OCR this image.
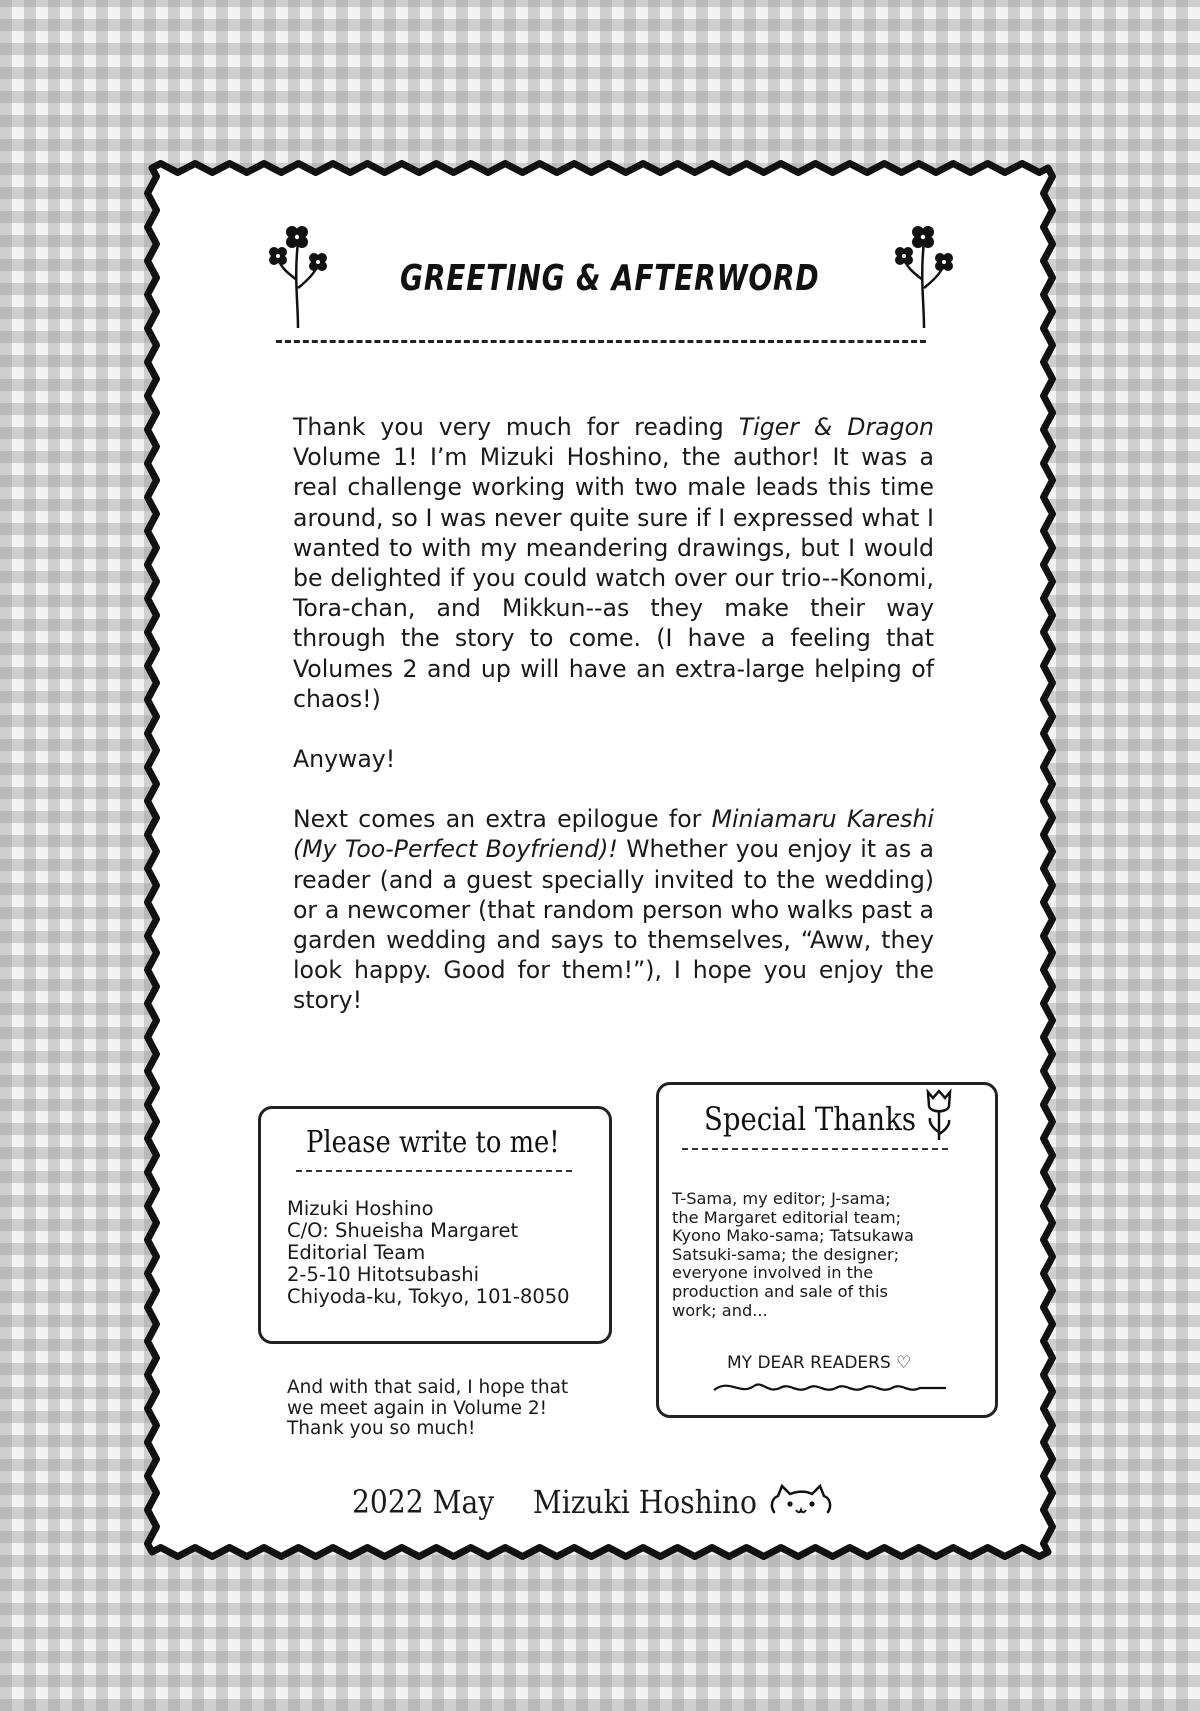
GREETING & AFTERWORD

Thank you very much for reading Tiger & Dragon Volume 1! I’m Mizuki Hoshino, the author! It was a real challenge working with two male leads this time around, so I was never quite sure if I expressed what I wanted to with my meandering drawings, but I would be delighted if you could watch over our trio--Konomi, Tora-chan, and Mikkun--as they make their way through the story to come. (I have a feeling that Volumes 2 and up will have an extra-large helping of chaos!)

Anyway!

Next comes an extra epilogue for Miniamaru Kareshi (My Too-Perfect Boyfriend)! Whether you enjoy it as a reader (and a guest specially invited to the wedding) or a newcomer (that random person who walks past a garden wedding and says to themselves, “Aww, they look happy. Good for them!”), I hope you enjoy the story!

Please write to me!
Mizuki Hoshino
C/O: Shueisha Margaret
Editorial Team
2-5-10 Hitotsubashi
Chiyoda-ku, Tokyo, 101-8050
Special Thanks
T-Sama, my editor; J-sama;
the Margaret editorial team;
Kyono Mako-sama; Tatsukawa
Satsuki-sama; the designer;
everyone involved in the
production and sale of this
work; and...
MY DEAR READERS ♡
And with that said, I hope that
we meet again in Volume 2!
Thank you so much!
2022 May Mizuki Hoshino
